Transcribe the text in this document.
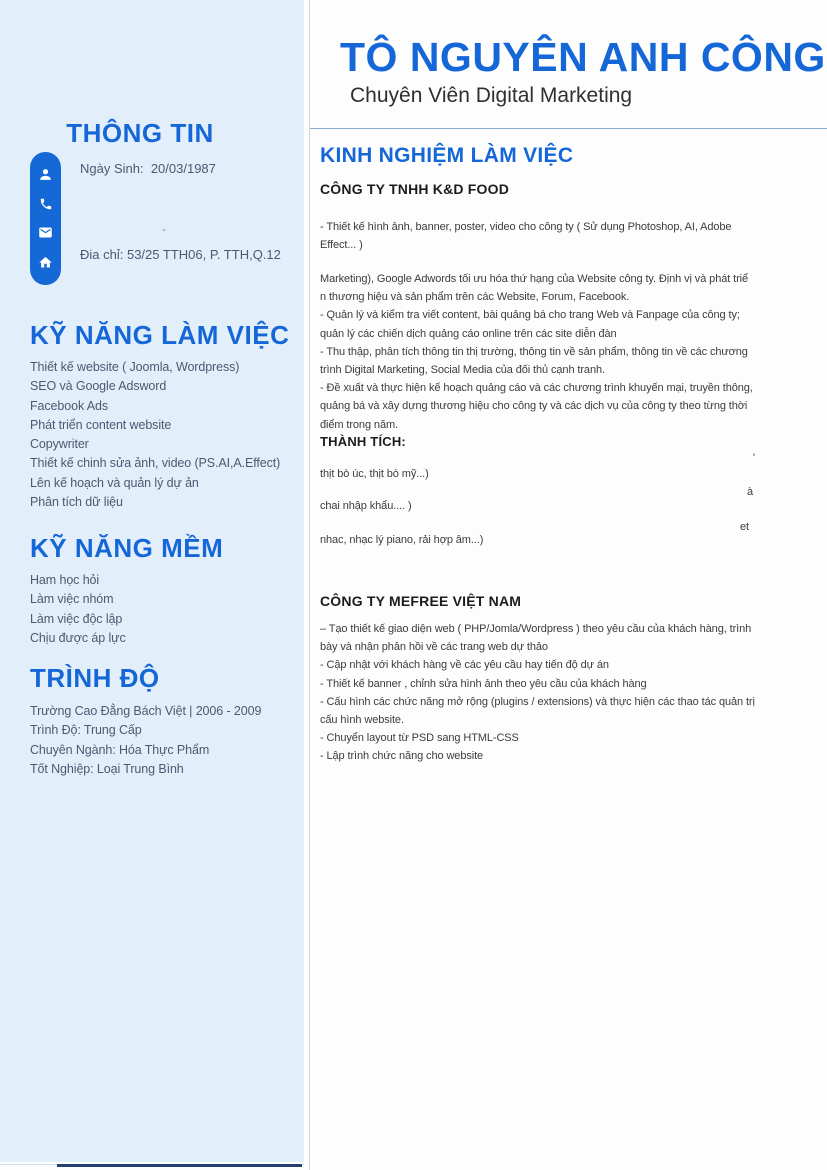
THÔNG TIN
Ngày Sinh:  20/03/1987
-
Đia chỉ: 53/25 TTH06, P. TTH,Q.12
KỸ NĂNG LÀM VIỆC
Thiết kế website ( Joomla, Wordpress)
SEO và Google Adsword
Facebook Ads
Phát triển content website
Copywriter
Thiết kế chinh sửa ảnh, video (PS.AI,A.Effect)
Lên kế hoạch và quản lý dự ản
Phân tích dữ liệu
KỸ NĂNG MỀM
Ham học hỏi
Làm việc nhóm
Làm việc độc lập
Chịu được áp lực
TRÌNH ĐỘ
Trường Cao Đẳng Bách Việt | 2006 - 2009
Trình Độ: Trung Cấp
Chuyên Ngành: Hóa Thực Phẩm
Tốt Nghiệp: Loại Trung Bình
TÔ NGUYÊN ANH CÔNG
Chuyên Viên Digital Marketing
KINH NGHIỆM LÀM VIỆC
CÔNG TY TNHH K&D FOOD
- Thiết kế hình ảnh, banner, poster, video cho công ty ( Sử dụng Photoshop, AI, Adobe
Effect... )
Marketing), Google Adwords tối ưu hóa thứ hạng của Website công ty. Định vị và phát triể
n thương hiệu và sản phẩm trên các Website, Forum, Facebook.
- Quản lý và kiểm tra viết content, bài quảng bá cho trang Web và Fanpage của công ty;
quản lý các chiến dịch quảng cáo online trên các site diễn đàn
- Thu thập, phân tích thông tin thị trường, thông tin về sản phẩm, thông tin về các chương
trình Digital Marketing, Social Media của đối thủ cạnh tranh.
- Đề xuất và thực hiện kế hoạch quảng cáo và các chương trình khuyến mại, truyền thông,
quảng bá và xây dựng thương hiệu cho công ty và các dịch vụ của công ty theo từng thời
điểm trong năm.
THÀNH TÍCH:
'
thịt bò úc, thịt bò mỹ...)
à
chai nhập khẩu.... )
et
nhac, nhạc lý piano, rải hợp âm...)
CÔNG TY MEFREE VIỆT NAM
– Tạo thiết kế giao diện web ( PHP/Jomla/Wordpress ) theo yêu cầu của khách hàng, trình
bày và nhận phản hồi về các trang web dự thảo
- Cập nhật với khách hàng về các yêu cầu hay tiến độ dự án
- Thiết kế banner , chỉnh sửa hình ảnh theo yêu cầu của khách hàng
- Cấu hình các chức năng mở rộng (plugins / extensions) và thực hiện các thao tác quản trị
cấu hình website.
- Chuyển layout từ PSD sang HTML-CSS
- Lập trình chức năng cho website
